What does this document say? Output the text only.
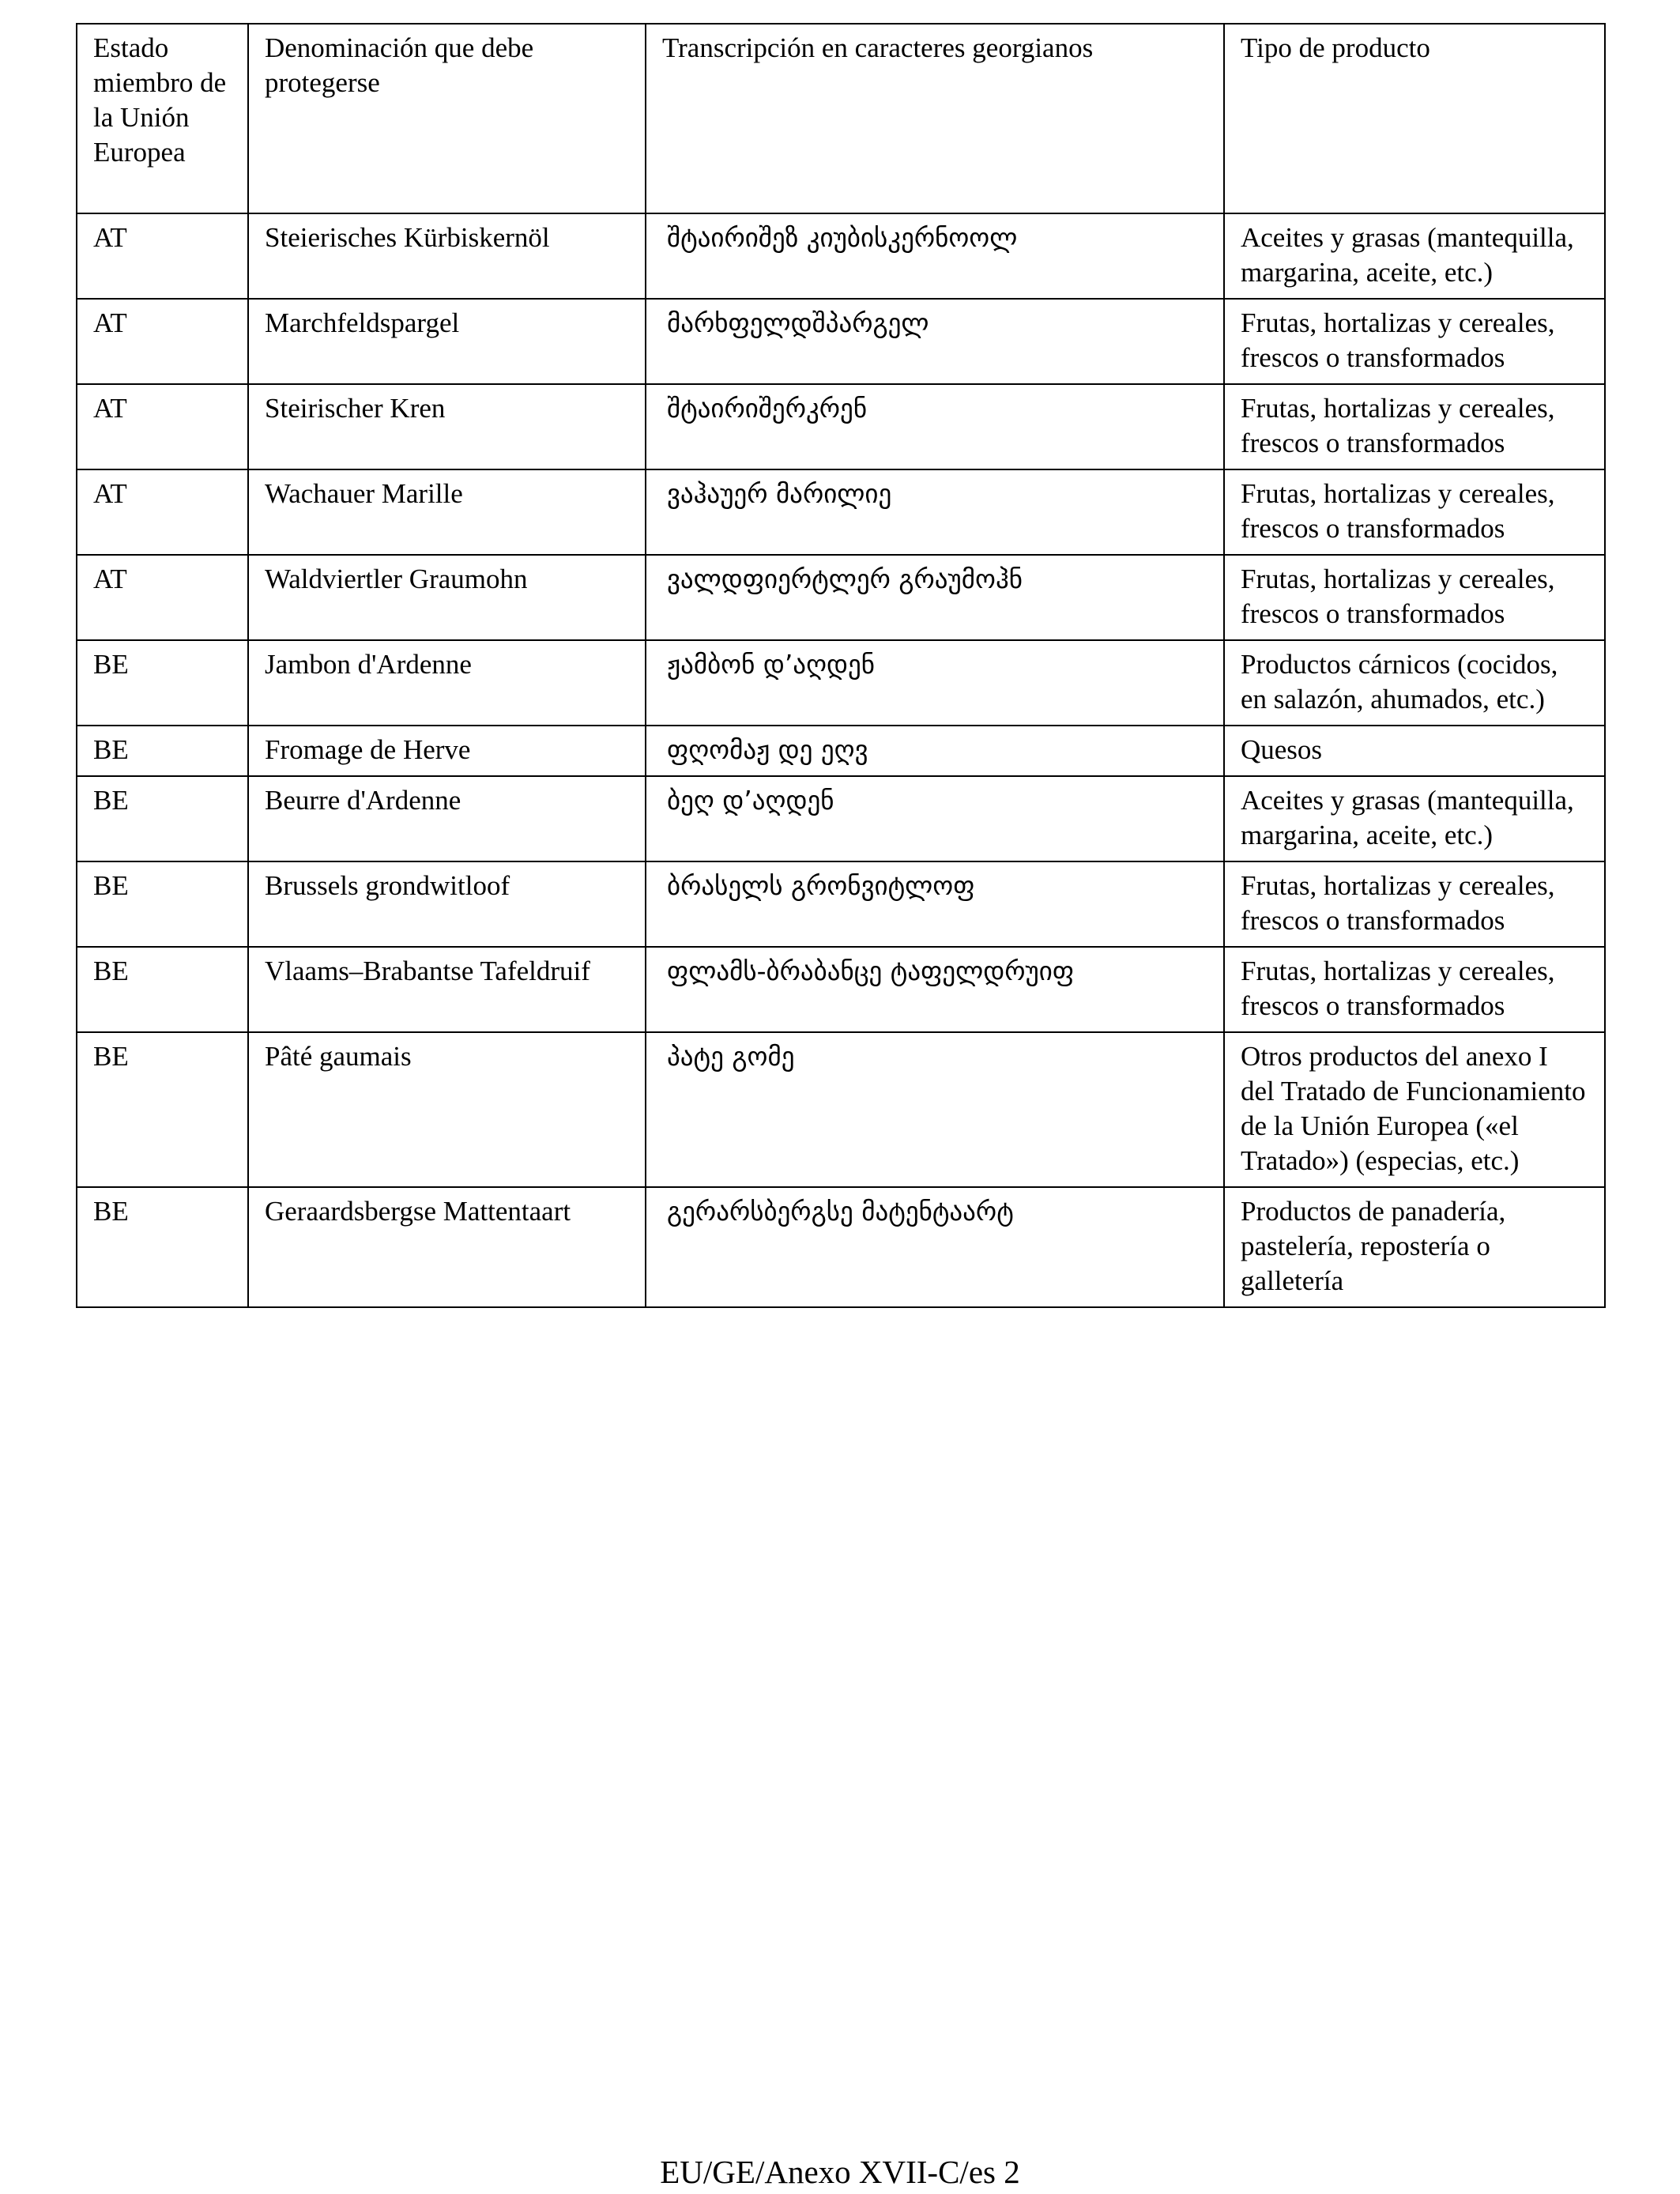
Estado miembro de la Unión Europea	Denominación que debe protegerse	Transcripción en caracteres georgianos	Tipo de producto
AT	Steierisches Kürbiskernöl	შტაირიშეზ კიუბისკერნოოლ	Aceites y grasas (mantequilla, margarina, aceite, etc.)
AT	Marchfeldspargel	მარხფელდშპარგელ	Frutas, hortalizas y cereales, frescos o transformados
AT	Steirischer Kren	შტაირიშერკრენ	Frutas, hortalizas y cereales, frescos o transformados
AT	Wachauer Marille	ვაჰაუერ მარილიე	Frutas, hortalizas y cereales, frescos o transformados
AT	Waldviertler Graumohn	ვალდფიერტლერ გრაუმოჰნ	Frutas, hortalizas y cereales, frescos o transformados
BE	Jambon d'Ardenne	ჟამბონ დ’აღდენ	Productos cárnicos (cocidos, en salazón, ahumados, etc.)
BE	Fromage de Herve	ფღომაჟ დე ეღვ	Quesos
BE	Beurre d'Ardenne	ბეღ დ’აღდენ	Aceites y grasas (mantequilla, margarina, aceite, etc.)
BE	Brussels grondwitloof	ბრასელს გრონვიტლოფ	Frutas, hortalizas y cereales, frescos o transformados
BE	Vlaams–Brabantse Tafeldruif	ფლამს-ბრაბანცე ტაფელდრუიფ	Frutas, hortalizas y cereales, frescos o transformados
BE	Pâté gaumais	პატე გომე	Otros productos del anexo I del Tratado de Funcionamiento de la Unión Europea («el Tratado») (especias, etc.)
BE	Geraardsbergse Mattentaart	გერარსბერგსე მატენტაარტ	Productos de panadería, pastelería, repostería o galletería
EU/GE/Anexo XVII-C/es 2
